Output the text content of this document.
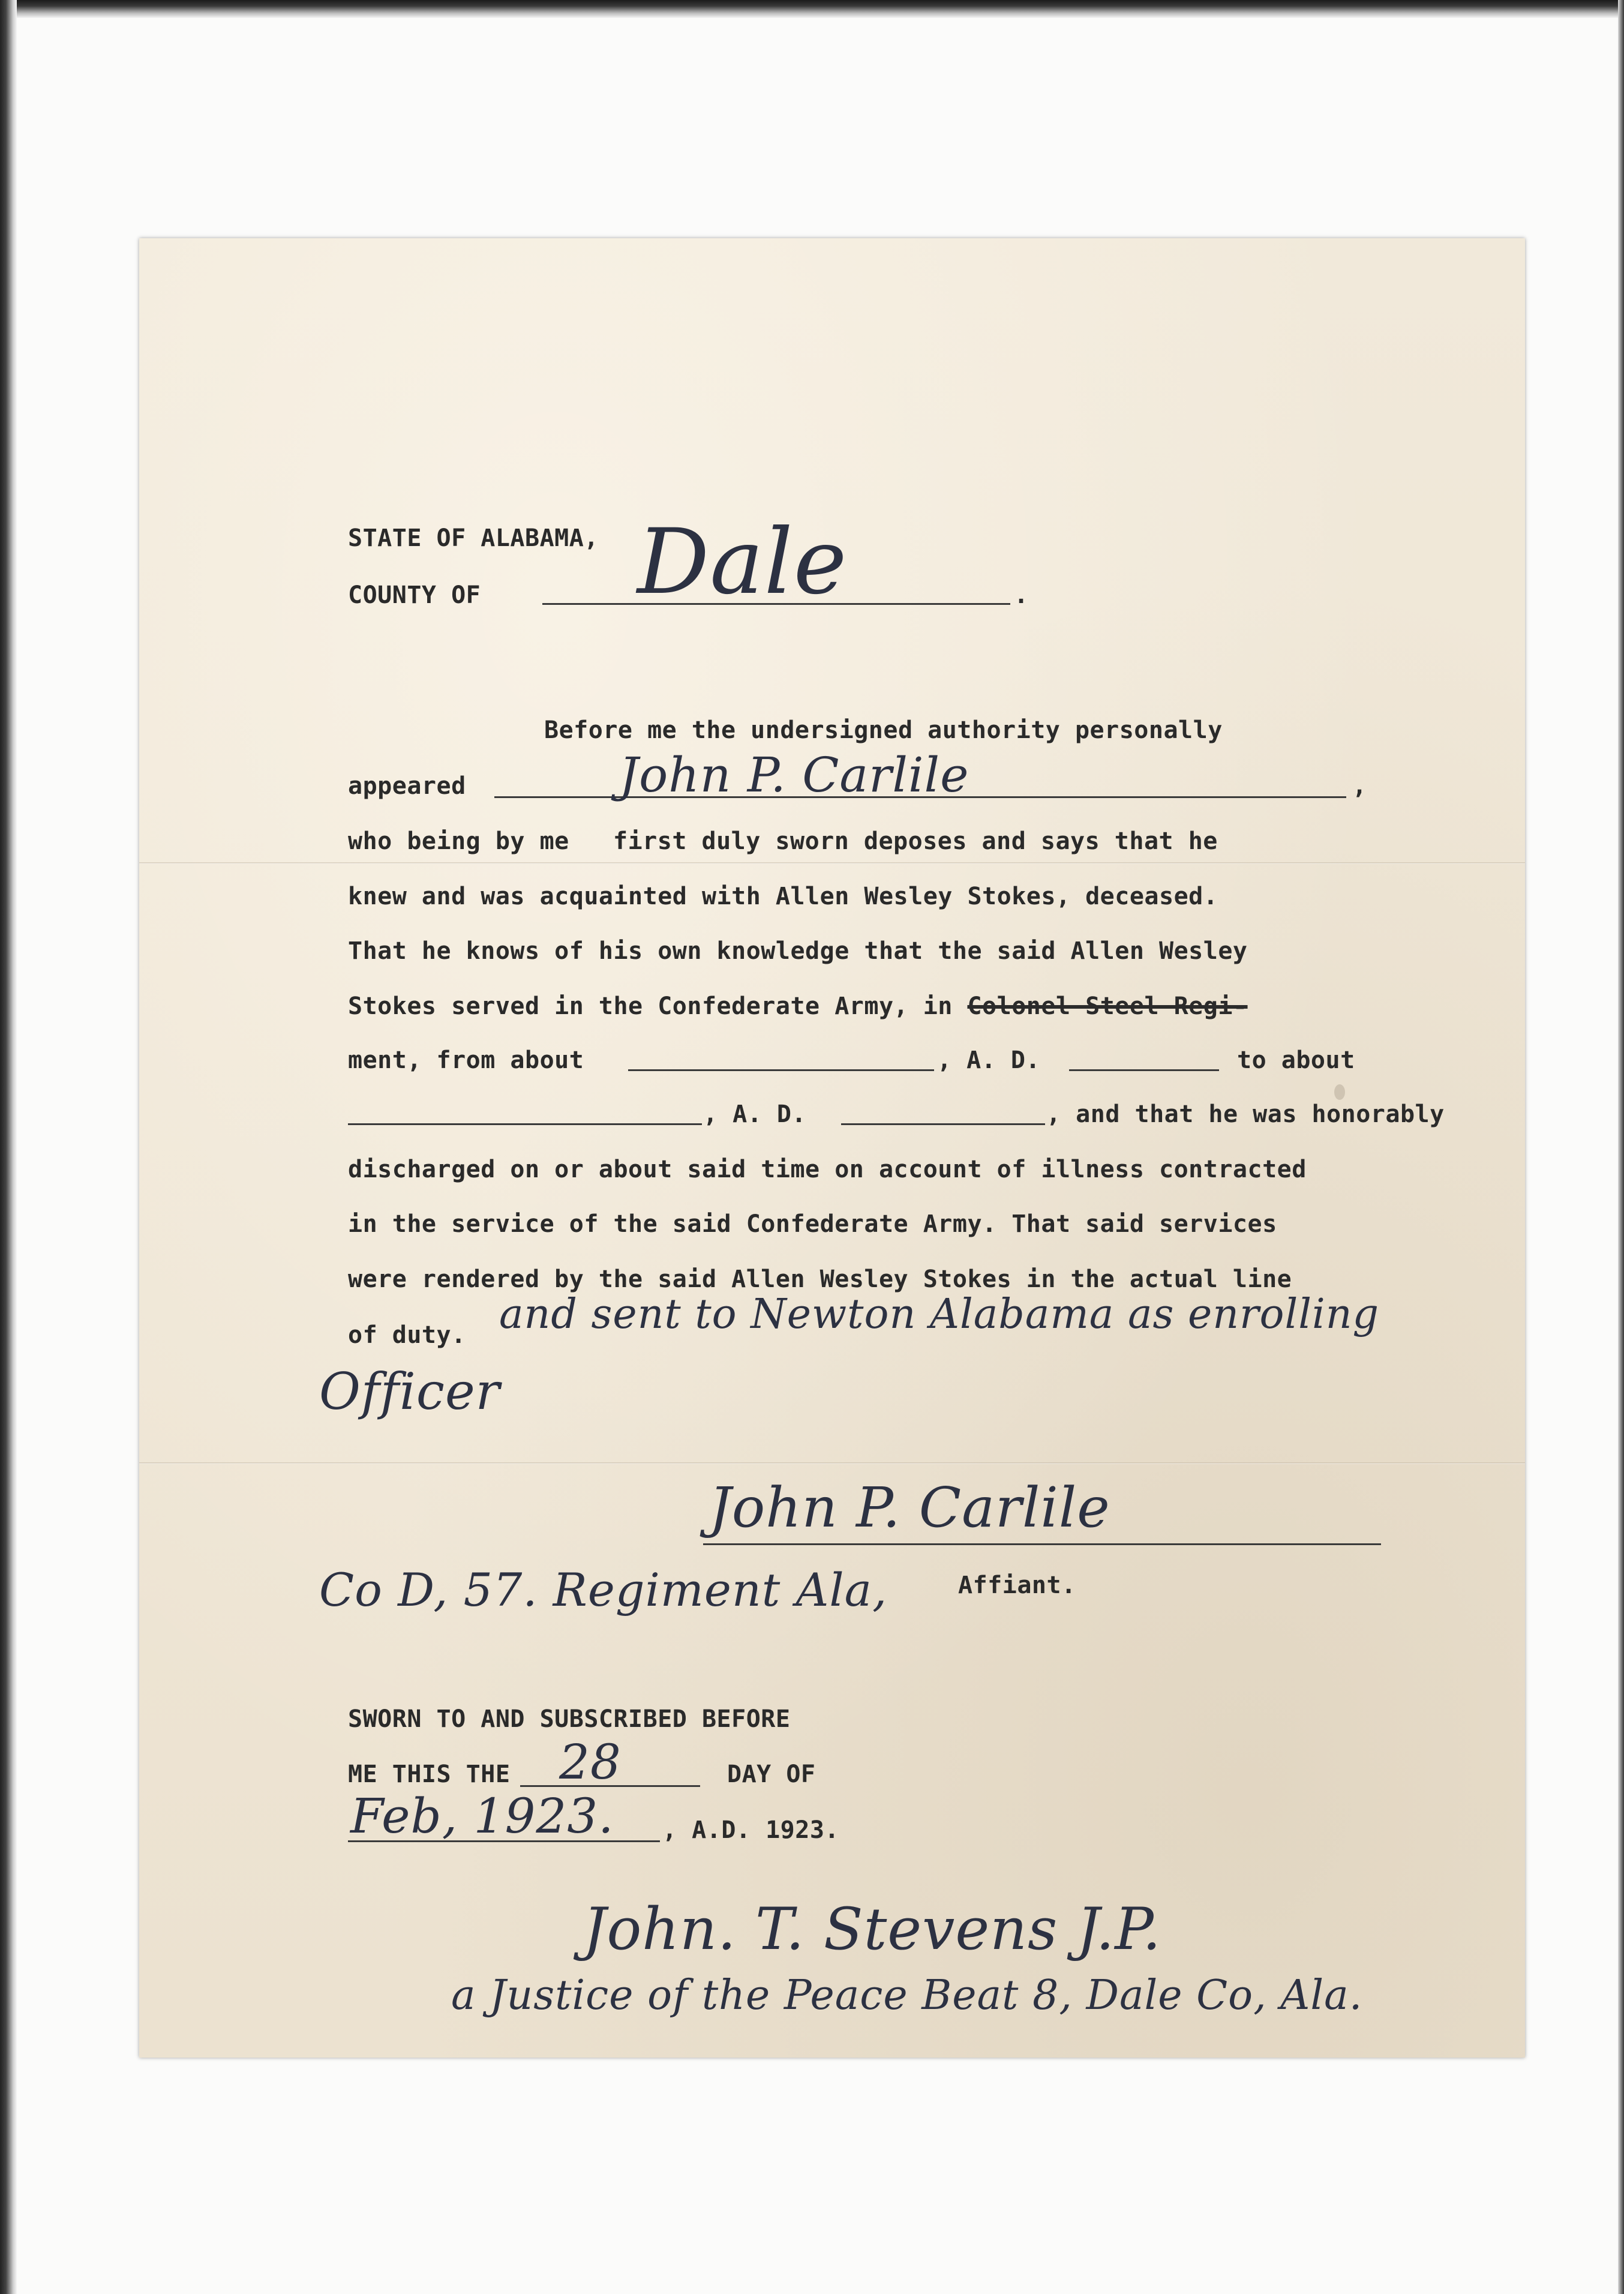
STATE OF ALABAMA,
COUNTY OF	.
Dale
Before me the undersigned authority personally
appeared	,
John P. Carlile
who being by me first duly sworn deposes and says that he
knew and was acquainted with Allen Wesley Stokes, deceased.
That he knows of his own knowledge that the said Allen Wesley
Stokes served in the Confederate Army, in Colonel Steel Regi-
ment, from about	, A. D.	to about
, A. D.	, and that he was honorably
discharged on or about said time on account of illness contracted
in the service of the said Confederate Army. That said services
were rendered by the said Allen Wesley Stokes in the actual line
of duty. and sent to Newton Alabama as enrolling
Officer
John P. Carlile
Co D, 57. Regiment Ala,	Affiant.
SWORN TO AND SUBSCRIBED BEFORE
ME THIS THE 28	DAY OF
Feb, 1923. , A.D. 1923.
John. T. Stevens J.P.
a Justice of the Peace Beat 8, Dale Co, Ala.
